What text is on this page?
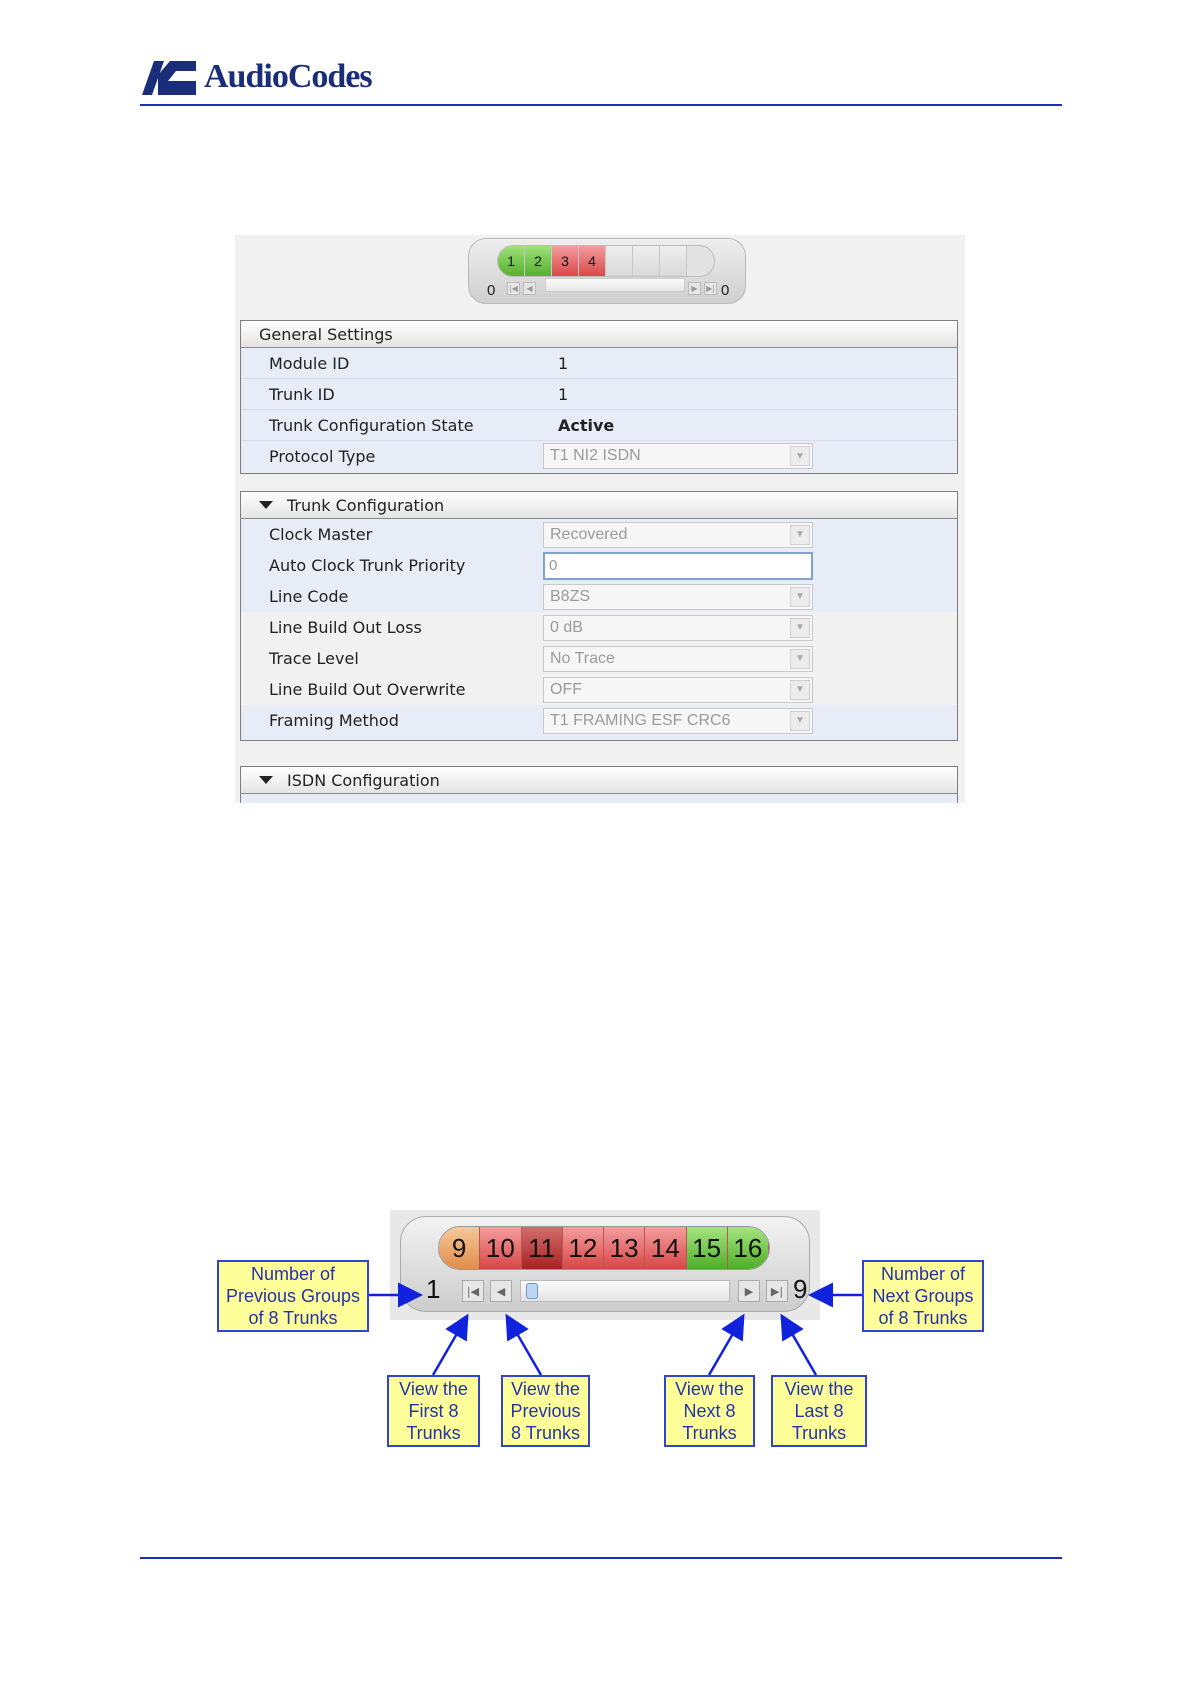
AudioCodes
1	2	3	4
0 |◀	◀	▶	▶| 0
General Settings
Module ID	1
Trunk ID	1
Trunk Configuration State	Active
Protocol Type	T1 NI2 ISDN	▼
Trunk Configuration
Clock Master	Recovered	▼
Auto Clock Trunk Priority	0
Line Code	B8ZS	▼
Line Build Out Loss	0 dB	▼
Trace Level	No Trace	▼
Line Build Out Overwrite	OFF	▼
Framing Method	T1 FRAMING ESF CRC6	▼
ISDN Configuration
9 10 11 12 13 14 15 16
1	|◀	◀	▶	▶| 9
Number of
Previous Groups
of 8 Trunks
Number of
Next Groups
of 8 Trunks
View the
First 8
Trunks
View the
Previous
8 Trunks
View the
Next 8
Trunks
View the
Last 8
Trunks
